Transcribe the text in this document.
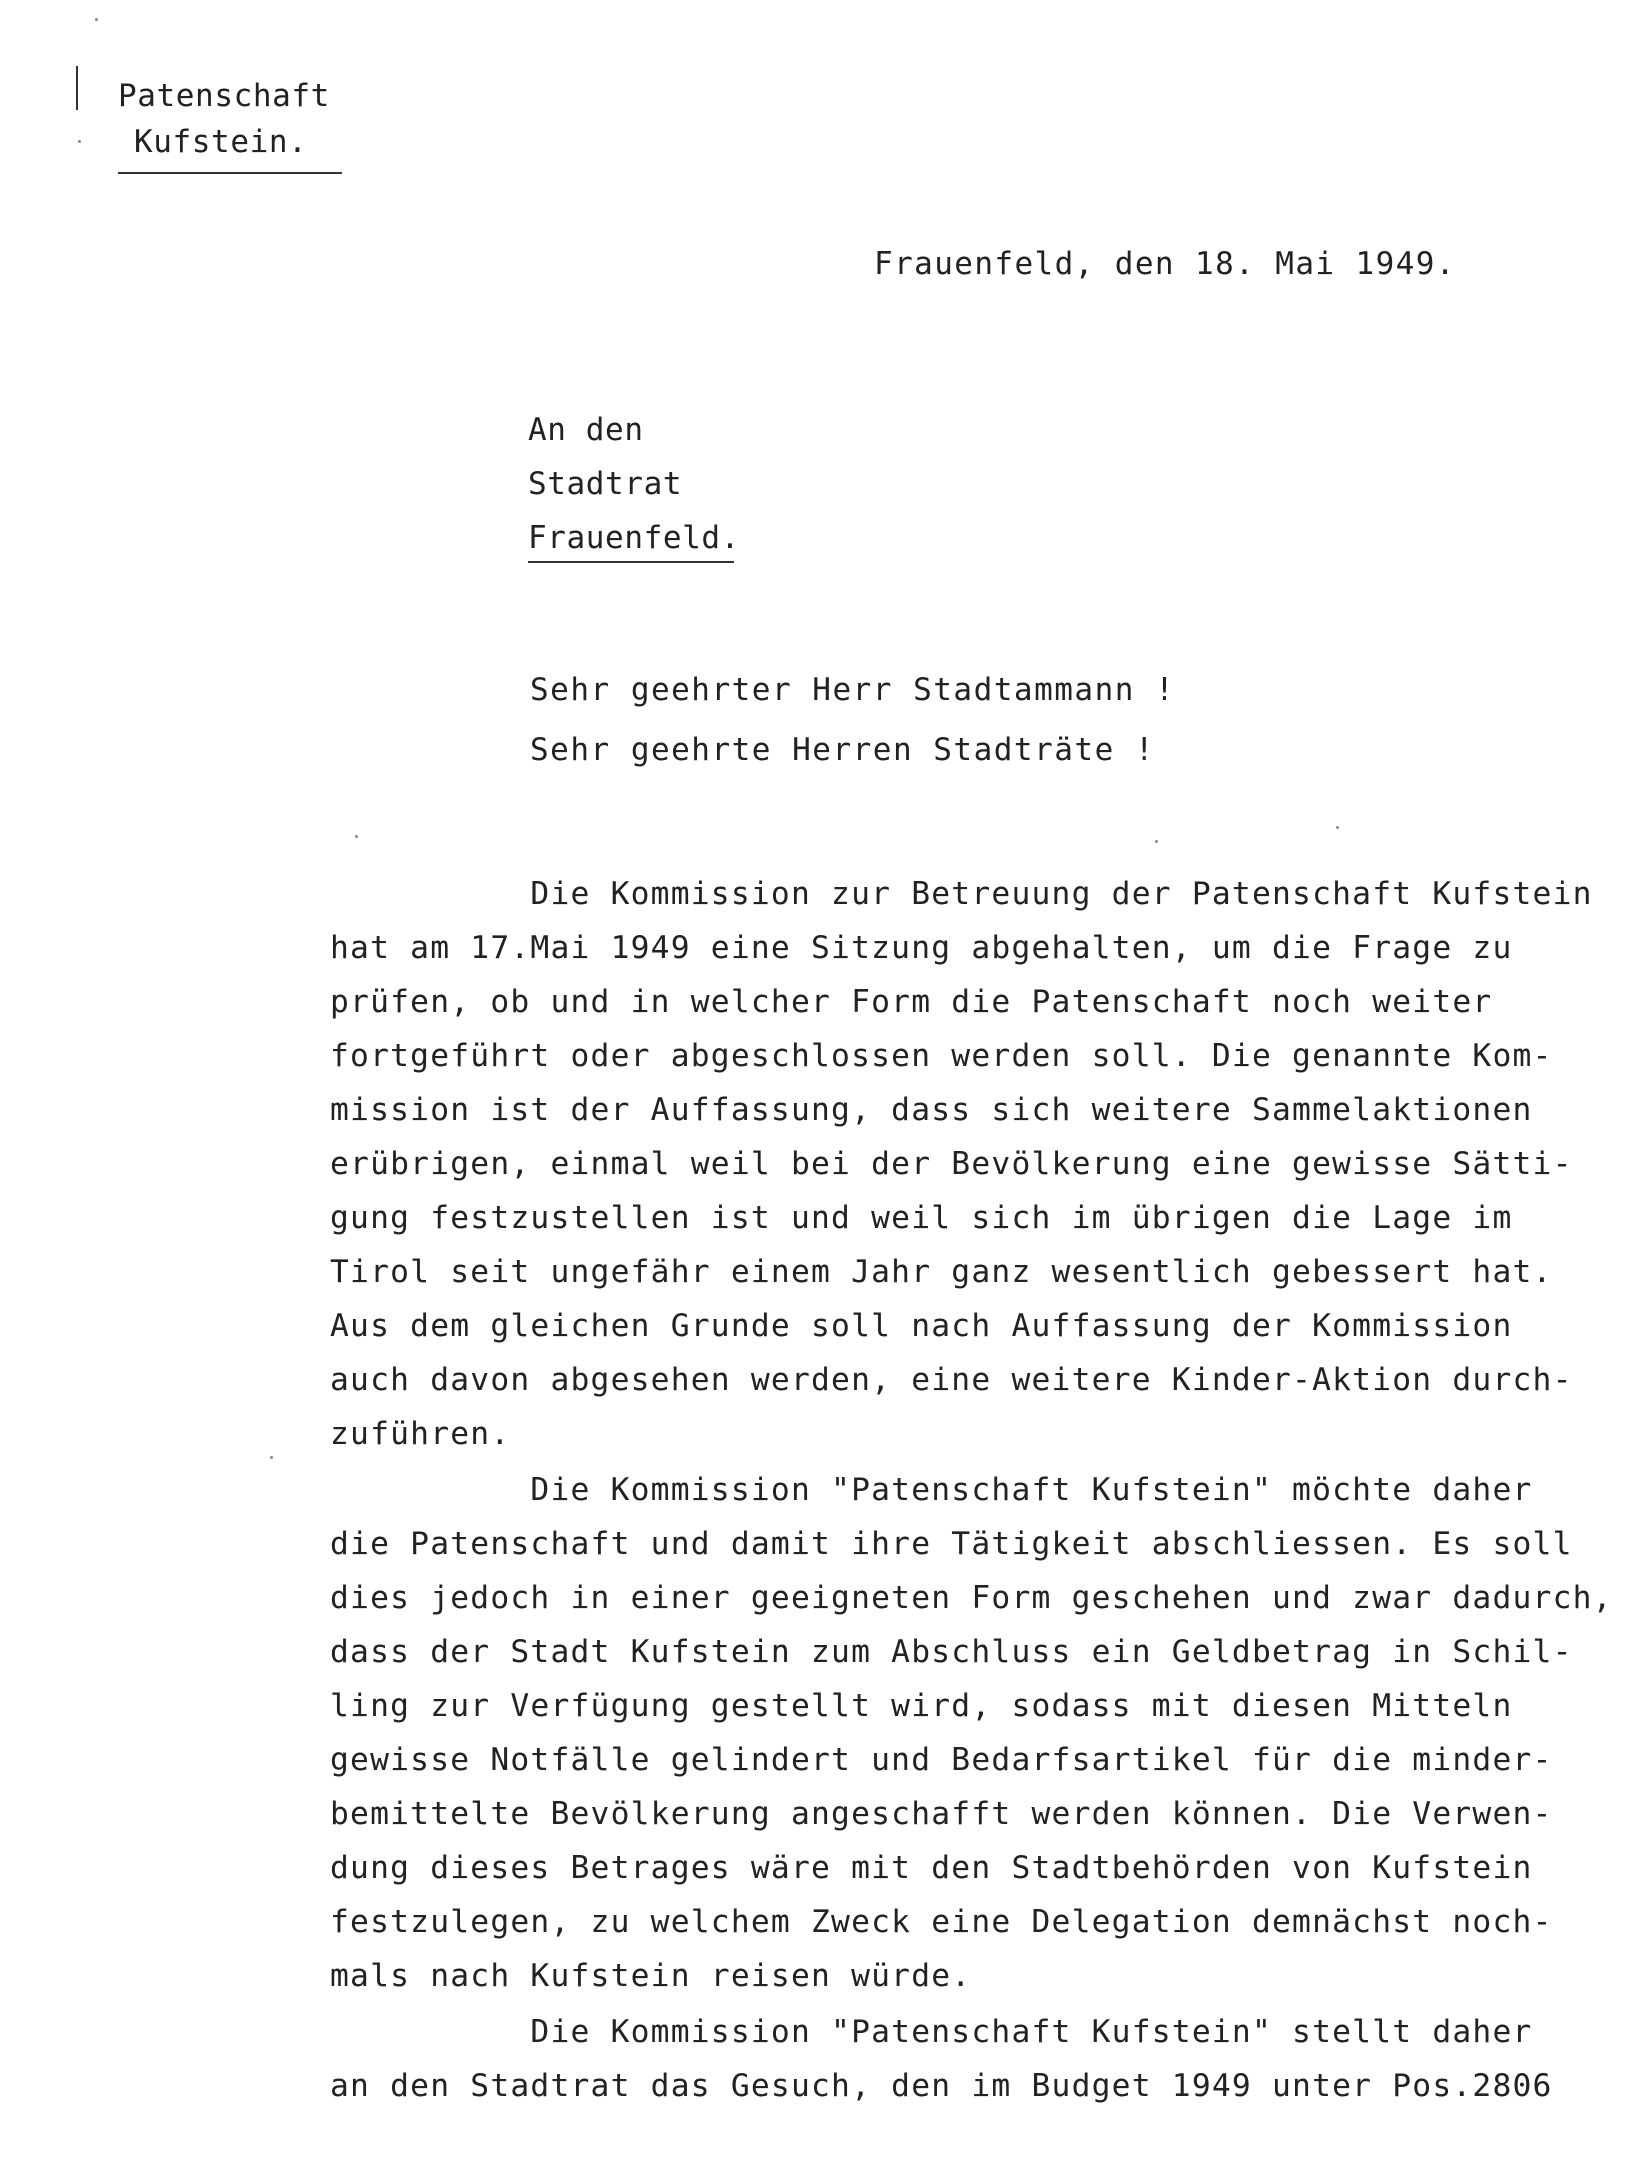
Patenschaft
Kufstein.
Frauenfeld, den 18. Mai 1949.
An den
Stadtrat
Frauenfeld.
Sehr geehrter Herr Stadtammann !
Sehr geehrte Herren Stadträte !
Die Kommission zur Betreuung der Patenschaft Kufstein
hat am 17.Mai 1949 eine Sitzung abgehalten, um die Frage zu
prüfen, ob und in welcher Form die Patenschaft noch weiter
fortgeführt oder abgeschlossen werden soll. Die genannte Kom-
mission ist der Auffassung, dass sich weitere Sammelaktionen
erübrigen, einmal weil bei der Bevölkerung eine gewisse Sätti-
gung festzustellen ist und weil sich im übrigen die Lage im
Tirol seit ungefähr einem Jahr ganz wesentlich gebessert hat.
Aus dem gleichen Grunde soll nach Auffassung der Kommission
auch davon abgesehen werden, eine weitere Kinder-Aktion durch-
zuführen.
Die Kommission "Patenschaft Kufstein" möchte daher
die Patenschaft und damit ihre Tätigkeit abschliessen. Es soll
dies jedoch in einer geeigneten Form geschehen und zwar dadurch,
dass der Stadt Kufstein zum Abschluss ein Geldbetrag in Schil-
ling zur Verfügung gestellt wird, sodass mit diesen Mitteln
gewisse Notfälle gelindert und Bedarfsartikel für die minder-
bemittelte Bevölkerung angeschafft werden können. Die Verwen-
dung dieses Betrages wäre mit den Stadtbehörden von Kufstein
festzulegen, zu welchem Zweck eine Delegation demnächst noch-
mals nach Kufstein reisen würde.
Die Kommission "Patenschaft Kufstein" stellt daher
an den Stadtrat das Gesuch, den im Budget 1949 unter Pos.2806
